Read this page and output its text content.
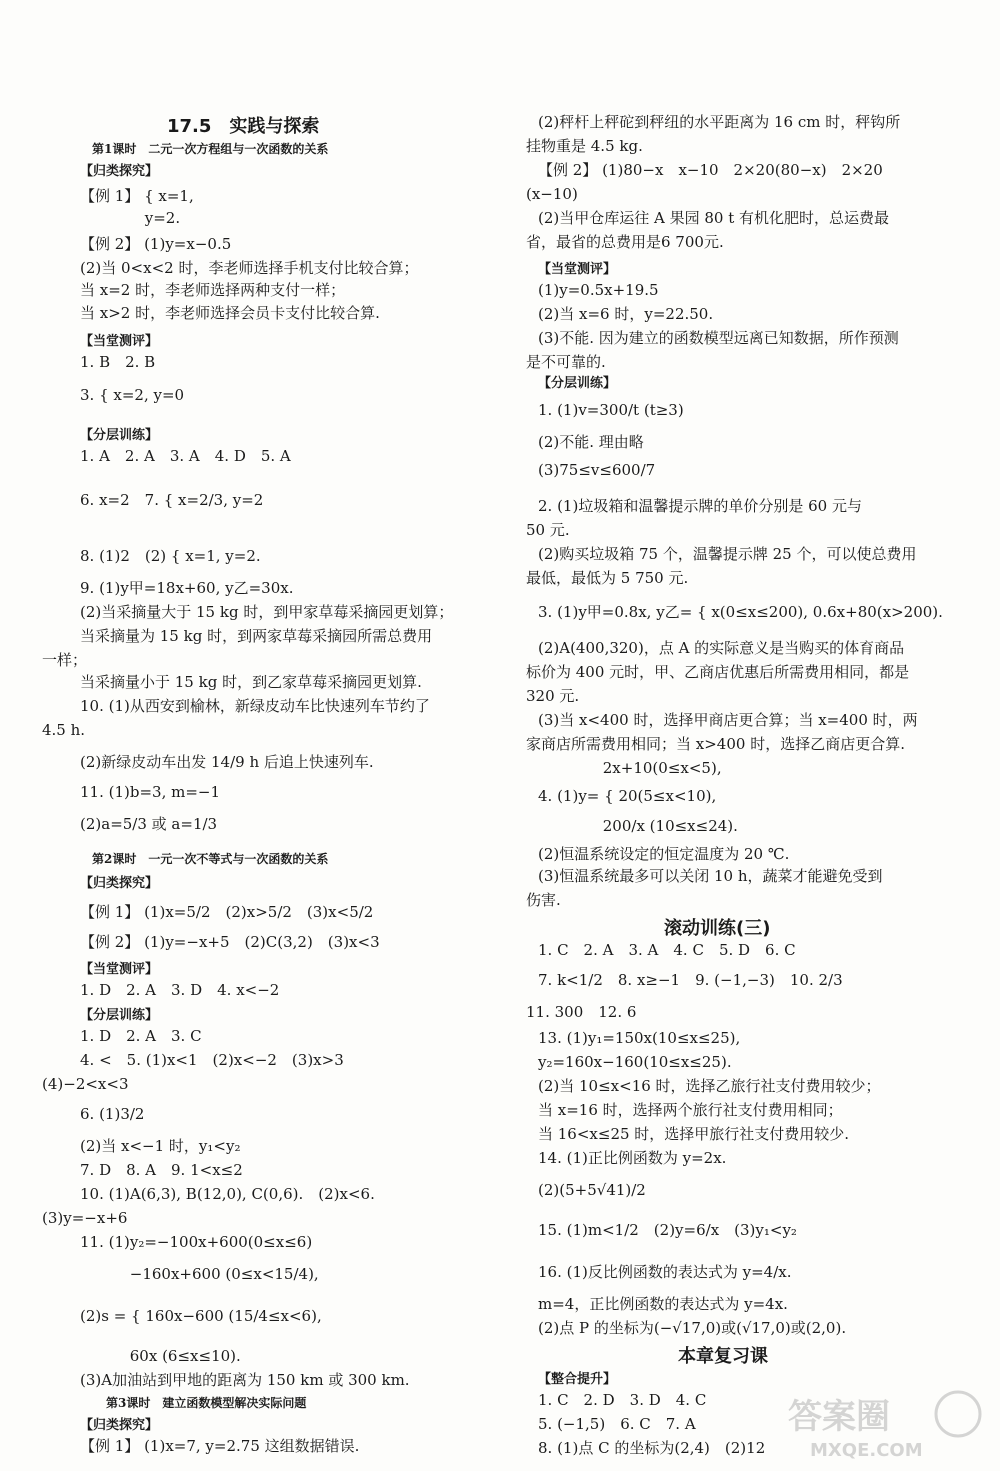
17.5　实践与探索
第1课时　二元一次方程组与一次函数的关系
【归类探究】
【例 1】 { x=1,
　　　　 y=2.
【例 2】 (1)y=x−0.5
(2)当 0<x<2 时，李老师选择手机支付比较合算；
当 x=2 时，李老师选择两种支付一样；
当 x>2 时，李老师选择会员卡支付比较合算.
【当堂测评】
1. B　2. B
3. { x=2, y=0
【分层训练】
1. A　2. A　3. A　4. D　5. A
6. x=2　7. { x=2/3, y=2
8. (1)2　(2) { x=1, y=2.
9. (1)y甲=18x+60, y乙=30x.
(2)当采摘量大于 15 kg 时，到甲家草莓采摘园更划算；
当采摘量为 15 kg 时，到两家草莓采摘园所需总费用
一样；
当采摘量小于 15 kg 时，到乙家草莓采摘园更划算.
10. (1)从西安到榆林，新绿皮动车比快速列车节约了
4.5 h.
(2)新绿皮动车出发 14/9 h 后追上快速列车.
11. (1)b=3, m=−1
(2)a=5/3 或 a=1/3
第2课时　一元一次不等式与一次函数的关系
【归类探究】
【例 1】 (1)x=5/2　(2)x>5/2　(3)x<5/2
【例 2】 (1)y=−x+5　(2)C(3,2)　(3)x<3
【当堂测评】
1. D　2. A　3. D　4. x<−2
【分层训练】
1. D　2. A　3. C
4. <　5. (1)x<1　(2)x<−2　(3)x>3
(4)−2<x<3
6. (1)3/2
(2)当 x<−1 时，y₁<y₂
7. D　8. A　9. 1<x≤2
10. (1)A(6,3), B(12,0), C(0,6).　(2)x<6.
(3)y=−x+6
11. (1)y₂=−100x+600(0≤x≤6)
　　　 −160x+600 (0≤x<15/4),
(2)s = { 160x−600 (15/4≤x<6),
　　　 60x (6≤x≤10).
(3)A加油站到甲地的距离为 150 km 或 300 km.
第3课时　建立函数模型解决实际问题
【归类探究】
【例 1】 (1)x=7, y=2.75 这组数据错误.
(2)秤杆上秤砣到秤纽的水平距离为 16 cm 时，秤钩所
挂物重是 4.5 kg.
【例 2】 (1)80−x　x−10　2×20(80−x)　2×20
(x−10)
(2)当甲仓库运往 A 果园 80 t 有机化肥时，总运费最
省，最省的总费用是6 700元.
【当堂测评】
(1)y=0.5x+19.5
(2)当 x=6 时，y=22.50.
(3)不能. 因为建立的函数模型远离已知数据，所作预测
是不可靠的.
【分层训练】
1. (1)v=300/t (t≥3)
(2)不能. 理由略
(3)75≤v≤600/7
2. (1)垃圾箱和温馨提示牌的单价分别是 60 元与
50 元.
(2)购买垃圾箱 75 个，温馨提示牌 25 个，可以使总费用
最低，最低为 5 750 元.
3. (1)y甲=0.8x, y乙= { x(0≤x≤200), 0.6x+80(x>200).
(2)A(400,320)，点 A 的实际意义是当购买的体育商品
标价为 400 元时，甲、乙商店优惠后所需费用相同，都是
320 元.
(3)当 x<400 时，选择甲商店更合算；当 x=400 时，两
家商店所需费用相同；当 x>400 时，选择乙商店更合算.
　　　　 2x+10(0≤x<5),
4. (1)y= { 20(5≤x<10),
　　　　 200/x (10≤x≤24).
(2)恒温系统设定的恒定温度为 20 ℃.
(3)恒温系统最多可以关闭 10 h，蔬菜才能避免受到
伤害.
滚动训练(三)
1. C　2. A　3. A　4. C　5. D　6. C
7. k<1/2　8. x≥−1　9. (−1,−3)　10. 2/3
11. 300　12. 6
13. (1)y₁=150x(10≤x≤25),
y₂=160x−160(10≤x≤25).
(2)当 10≤x<16 时，选择乙旅行社支付费用较少；
当 x=16 时，选择两个旅行社支付费用相同；
当 16<x≤25 时，选择甲旅行社支付费用较少.
14. (1)正比例函数为 y=2x.
(2)(5+5√41)/2
15. (1)m<1/2　(2)y=6/x　(3)y₁<y₂
16. (1)反比例函数的表达式为 y=4/x.
m=4，正比例函数的表达式为 y=4x.
(2)点 P 的坐标为(−√17,0)或(√17,0)或(2,0).
本章复习课
【整合提升】
1. C　2. D　3. D　4. C
5. (−1,5)　6. C　7. A
8. (1)点 C 的坐标为(2,4)　(2)12
答案圈
MXQE.COM
